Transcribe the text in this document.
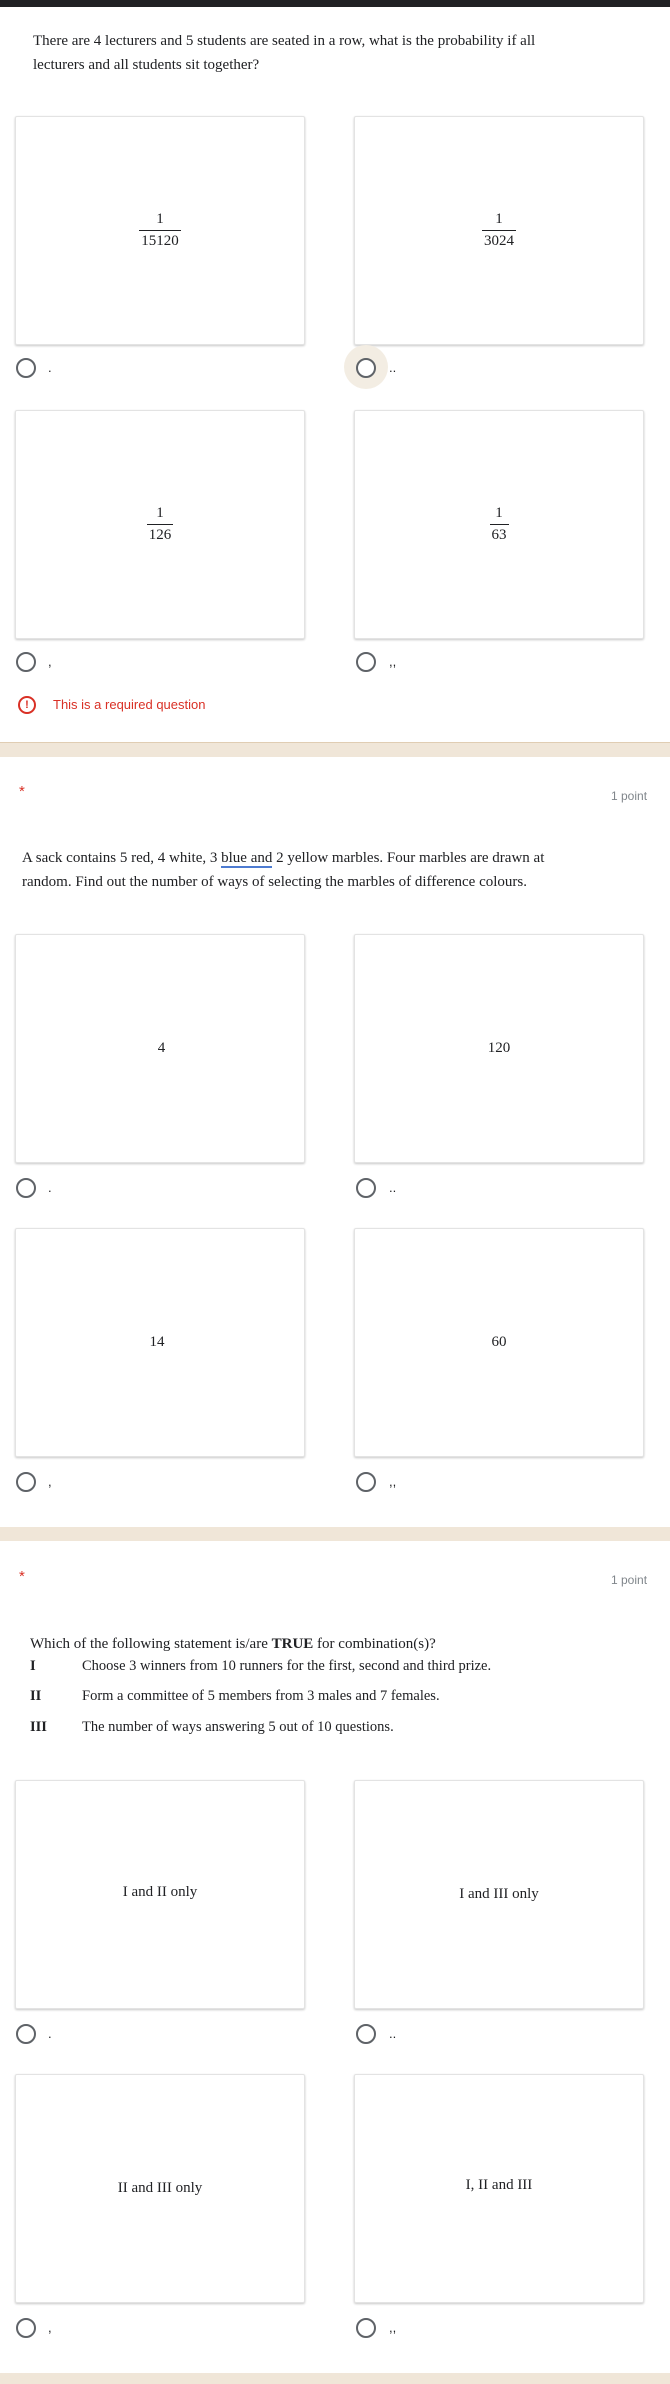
There are 4 lecturers and 5 students are seated in a row, what is the probability if all
lecturers and all students sit together?
$\frac{1}{15120}$	$\frac{1}{3024}$
.	..
$\frac{1}{126}$	$\frac{1}{63}$
,	,,
!	This is a required question
*	1 point
A sack contains 5 red, 4 white, 3 blue and 2 yellow marbles. Four marbles are drawn at
random. Find out the number of ways of selecting the marbles of difference colours.
4	120
.	..
14	60
,	,,
*	1 point
Which of the following statement is/are TRUE for combination(s)?
I	Choose 3 winners from 10 runners for the first, second and third prize.
II	Form a committee of 5 members from 3 males and 7 females.
III The number of ways answering 5 out of 10 questions.
I and II only	I and III only
.	..
II and III only	I, II and III
,	,,
